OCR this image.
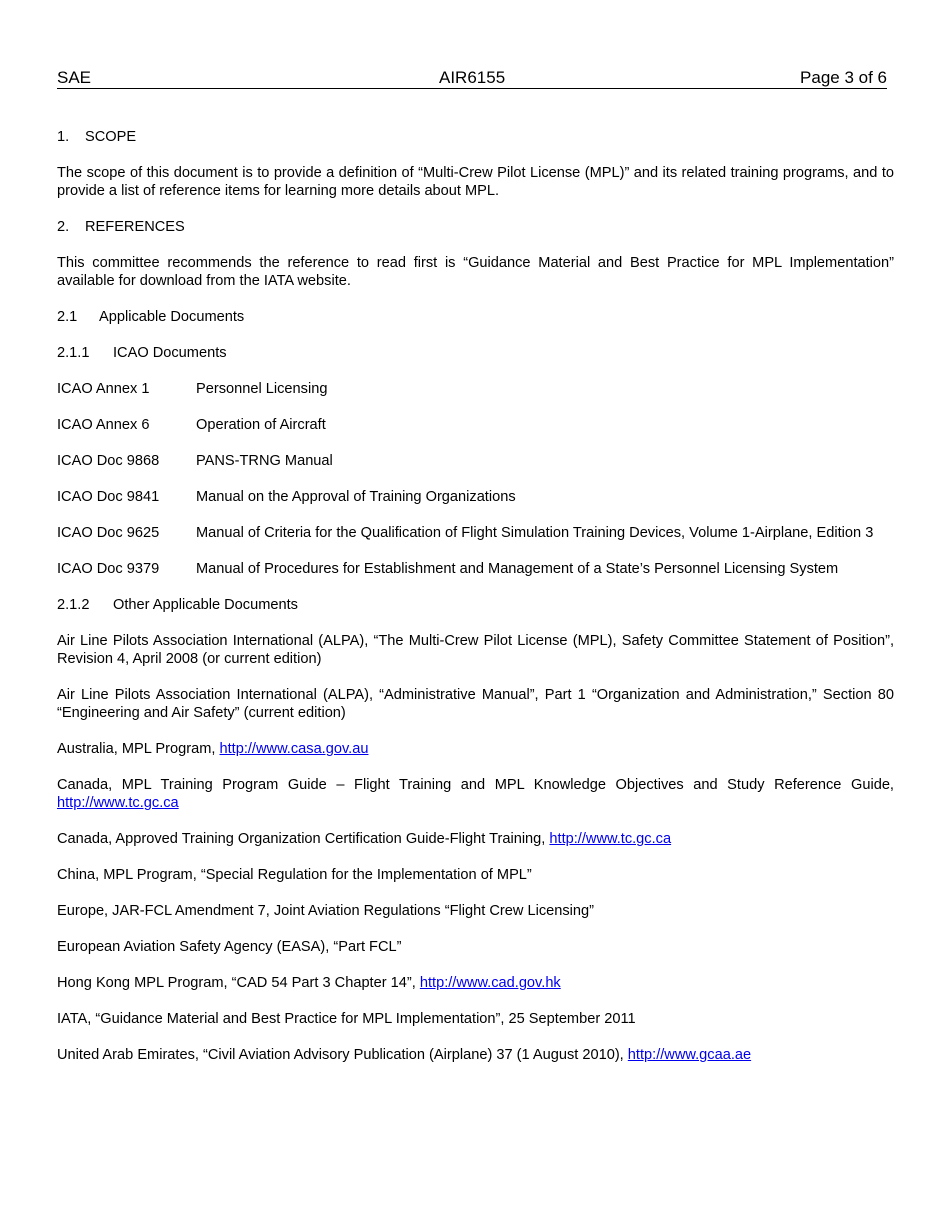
SAE	AIR6155	Page 3 of 6
1. SCOPE

The scope of this document is to provide a definition of “Multi-Crew Pilot License (MPL)” and its related training programs, and to provide a list of reference items for learning more details about MPL.

2. REFERENCES

This committee recommends the reference to read first is “Guidance Material and Best Practice for MPL Implementation” available for download from the IATA website.

2.1 Applicable Documents
2.1.1 ICAO Documents
ICAO Annex 1	Personnel Licensing
ICAO Annex 6	Operation of Aircraft
ICAO Doc 9868	PANS-TRNG Manual
ICAO Doc 9841	Manual on the Approval of Training Organizations
ICAO Doc 9625	Manual of Criteria for the Qualification of Flight Simulation Training Devices, Volume 1-Airplane, Edition 3
ICAO Doc 9379	Manual of Procedures for Establishment and Management of a State’s Personnel Licensing System
2.1.2 Other Applicable Documents

Air Line Pilots Association International (ALPA), “The Multi-Crew Pilot License (MPL), Safety Committee Statement of Position”, Revision 4, April 2008 (or current edition)

Air Line Pilots Association International (ALPA), “Administrative Manual”, Part 1 “Organization and Administration,” Section 80 “Engineering and Air Safety” (current edition)

Australia, MPL Program, http://www.casa.gov.au

Canada, MPL Training Program Guide – Flight Training and MPL Knowledge Objectives and Study Reference Guide, http://www.tc.gc.ca

Canada, Approved Training Organization Certification Guide-Flight Training, http://www.tc.gc.ca

China, MPL Program, “Special Regulation for the Implementation of MPL”

Europe, JAR-FCL Amendment 7, Joint Aviation Regulations “Flight Crew Licensing”

European Aviation Safety Agency (EASA), “Part FCL”

Hong Kong MPL Program, “CAD 54 Part 3 Chapter 14”, http://www.cad.gov.hk

IATA, “Guidance Material and Best Practice for MPL Implementation”, 25 September 2011

United Arab Emirates, “Civil Aviation Advisory Publication (Airplane) 37 (1 August 2010), http://www.gcaa.ae
